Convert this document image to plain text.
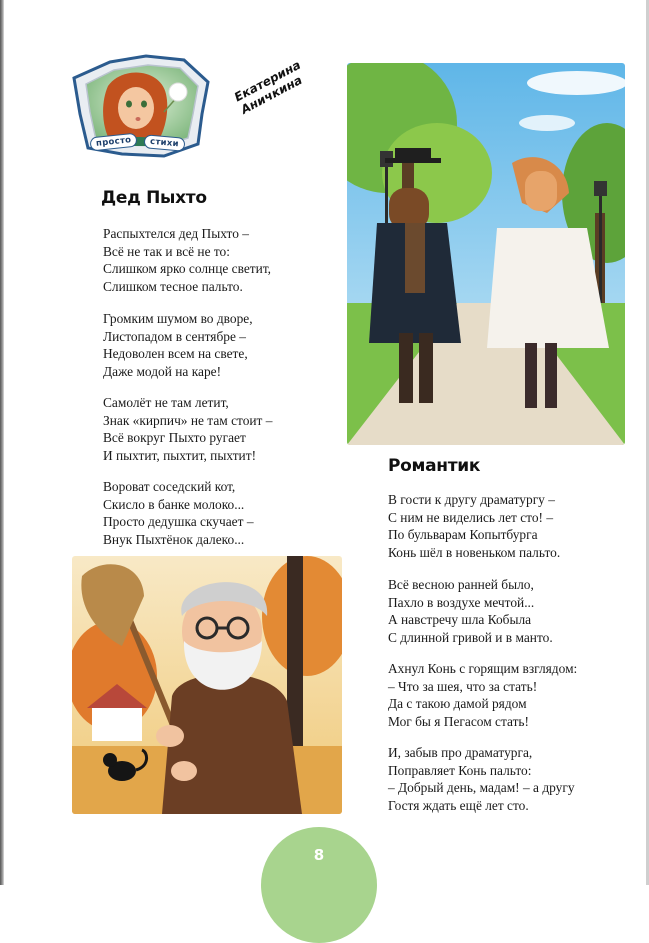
просто	стихи
Екатерина
Аничкина
Дед Пыхто
Распыхтелся дед Пыхто –
Всё не так и всё не то:
Слишком ярко солнце светит,
Слишком тесное пальто.
Громким шумом во дворе,
Листопадом в сентябре –
Недоволен всем на свете,
Даже модой на каре!
Самолёт не там летит,
Знак «кирпич» не там стоит –
Всё вокруг Пыхто ругает
И пыхтит, пыхтит, пыхтит!
Вороват соседский кот,
Скисло в банке молоко...
Просто дедушка скучает –
Внук Пыхтёнок далеко...
Романтик
В гости к другу драматургу –
С ним не виделись лет сто! –
По бульварам Копытбурга
Конь шёл в новеньком пальто.
Всё весною ранней было,
Пахло в воздухе мечтой...
А навстречу шла Кобыла
С длинной гривой и в манто.
Ахнул Конь с горящим взглядом:
– Что за шея, что за стать!
Да с такою дамой рядом
Мог бы я Пегасом стать!
И, забыв про драматурга,
Поправляет Конь пальто:
– Добрый день, мадам! – а другу
Гостя ждать ещё лет сто.
8
